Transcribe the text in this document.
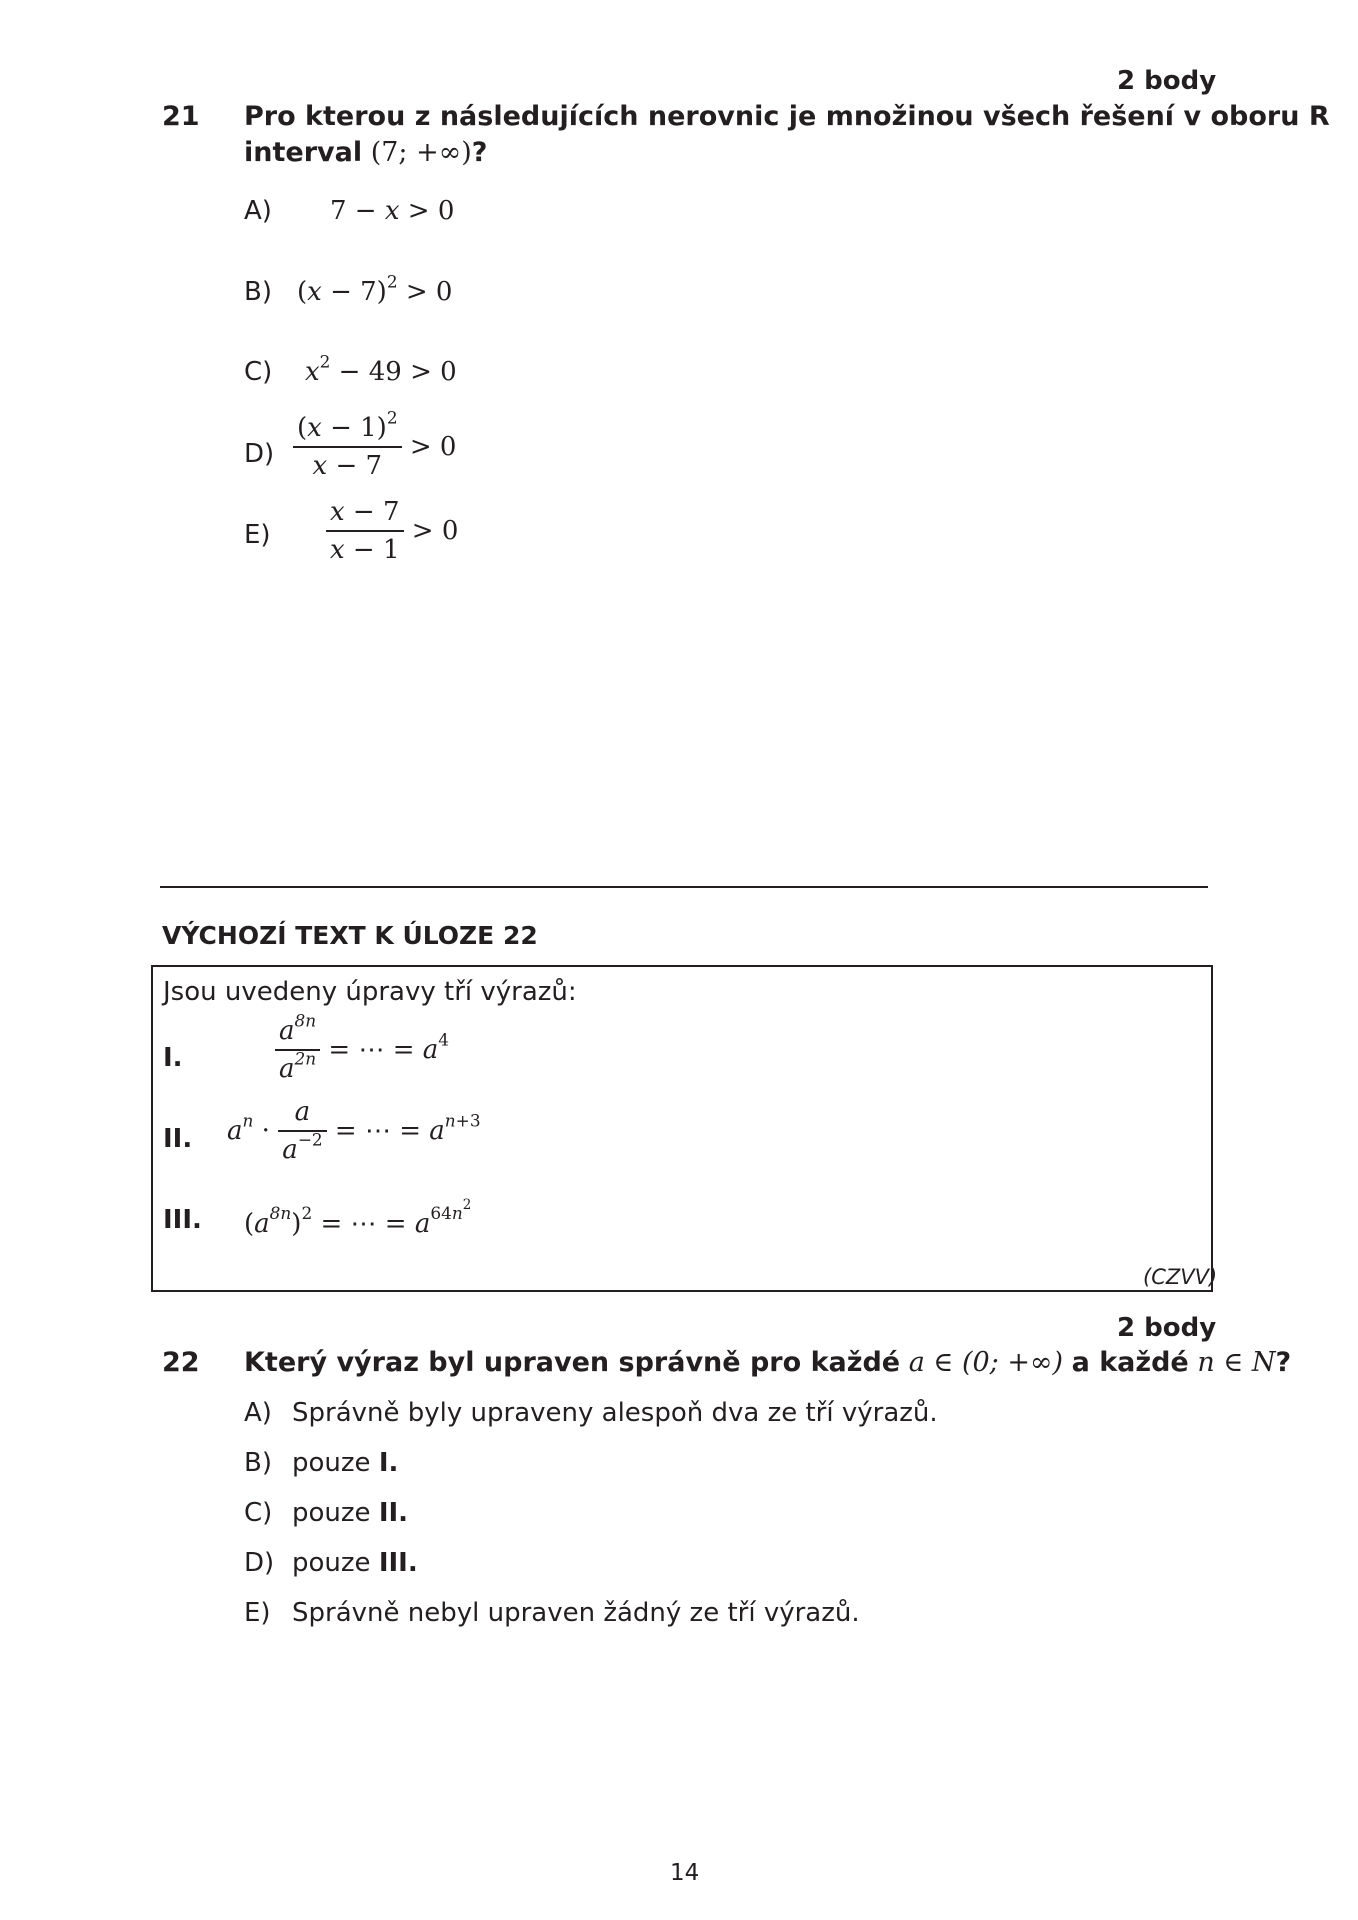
2 body
21 Pro kterou z následujících nerovnic je množinou všech řešení v oboru R
interval (7; +∞)?
A) 7 − x > 0
B) $(x - 7)^2 > 0$
C) $x^2 - 49 > 0$
$D) \frac{(x - 1)^2}{x - 7} > 0$
$E) \frac{x - 7}{x - 1} > 0$
VÝCHOZÍ TEXT K ÚLOZE 22
Jsou uvedeny úpravy tří výrazů:
I.	$\frac{a^{8n}}{a^{2n}}$ = ⋯ = $a^4$
II. $a^n \cdot \frac{a}{a^{-2}}$ = ⋯ = $a^{n+3}$
III. $(a^{8n})^2$ = ⋯ = $a^{64n^2}$
(CZVV)
2 body
22 Který výraz byl upraven správně pro každé a ∈ (0; +∞) a každé n ∈ N?
A) Správně byly upraveny alespoň dva ze tří výrazů.
B) pouze I.
C) pouze II.
D) pouze III.
E) Správně nebyl upraven žádný ze tří výrazů.
14
